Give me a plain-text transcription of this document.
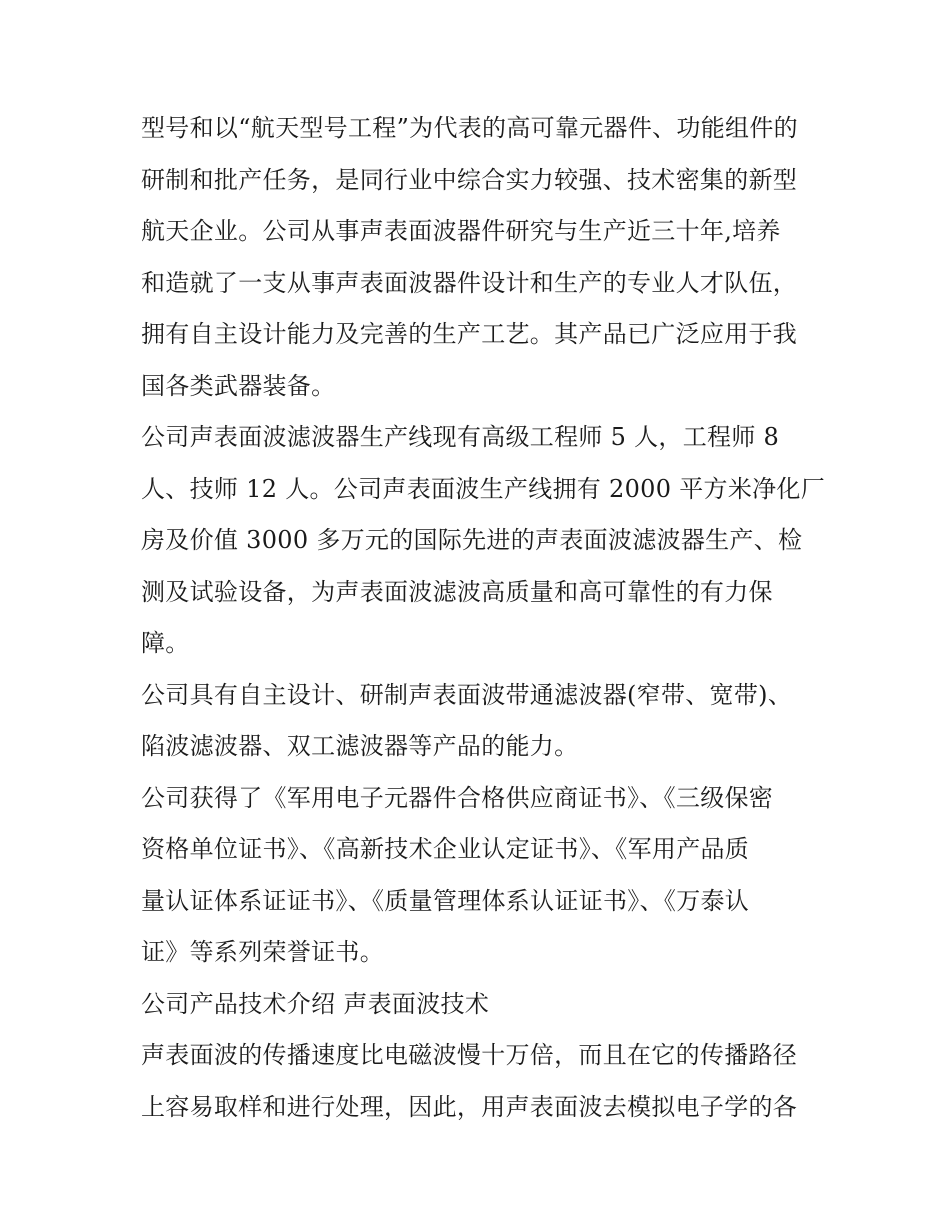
型号和以“航天型号工程”为代表的高可靠元器件、功能组件的
研制和批产任务，是同行业中综合实力较强、技术密集的新型
航天企业。公司从事声表面波器件研究与生产近三十年,培养
和造就了一支从事声表面波器件设计和生产的专业人才队伍，
拥有自主设计能力及完善的生产工艺。其产品已广泛应用于我
国各类武器装备。

公司声表面波滤波器生产线现有高级工程师 5 人，工程师 8
人、技师 12 人。公司声表面波生产线拥有 2000 平方米净化厂
房及价值 3000 多万元的国际先进的声表面波滤波器生产、检
测及试验设备，为声表面波滤波高质量和高可靠性的有力保
障。

公司具有自主设计、研制声表面波带通滤波器(窄带、宽带)、
陷波滤波器、双工滤波器等产品的能力。

公司获得了《军用电子元器件合格供应商证书》、《三级保密
资格单位证书》、《高新技术企业认定证书》、《军用产品质
量认证体系证证书》、《质量管理体系认证证书》、《万泰认
证》等系列荣誉证书。

公司产品技术介绍 声表面波技术

声表面波的传播速度比电磁波慢十万倍，而且在它的传播路径
上容易取样和进行处理，因此，用声表面波去模拟电子学的各
